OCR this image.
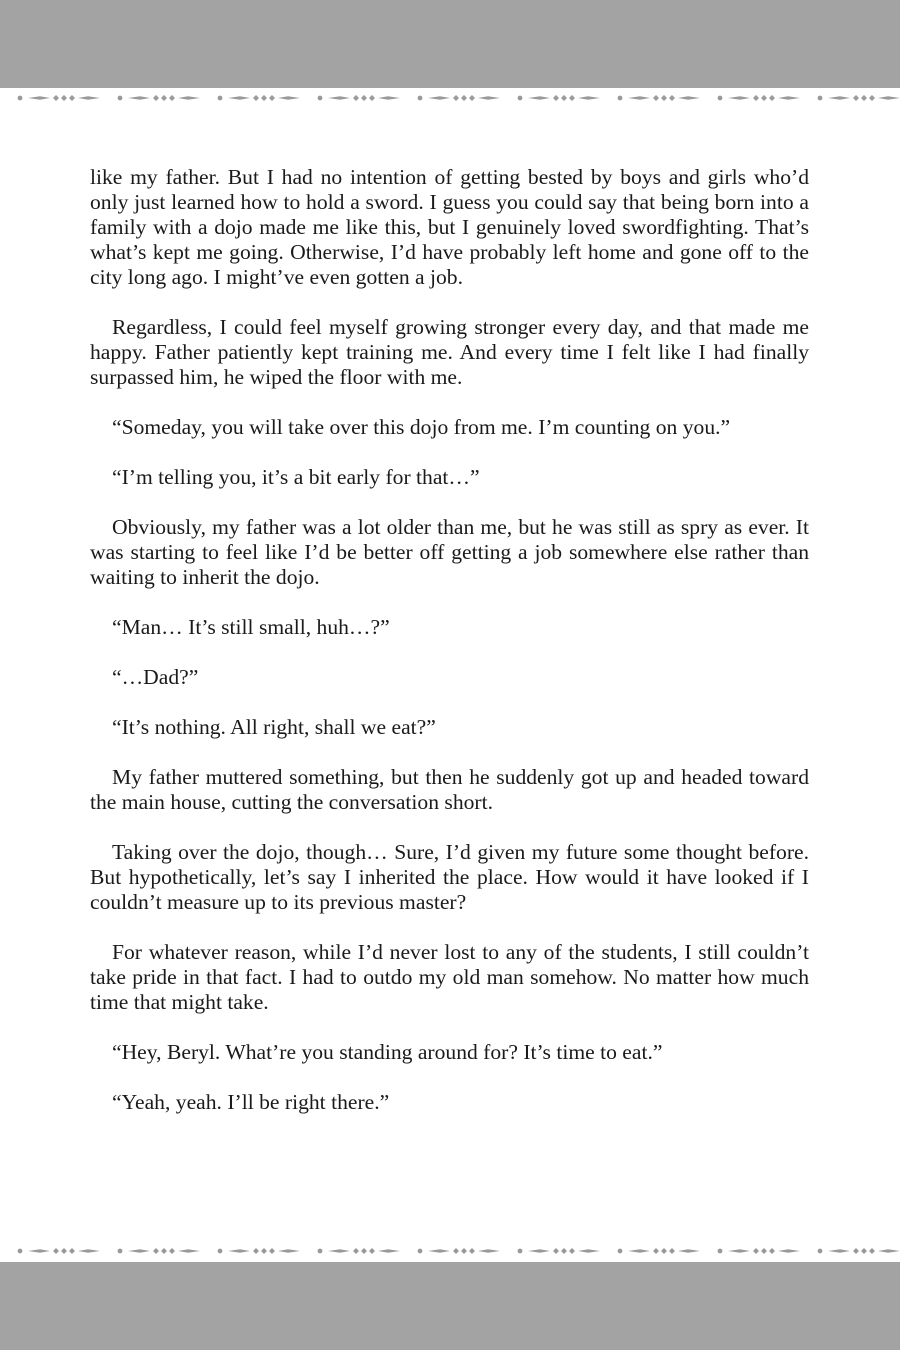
like my father. But I had no intention of getting bested by boys and girls who’d only just learned how to hold a sword. I guess you could say that being born into a family with a dojo made me like this, but I genuinely loved swordfighting. That’s what’s kept me going. Otherwise, I’d have probably left home and gone off to the city long ago. I might’ve even gotten a job.

Regardless, I could feel myself growing stronger every day, and that made me happy. Father patiently kept training me. And every time I felt like I had finally surpassed him, he wiped the floor with me.

“Someday, you will take over this dojo from me. I’m counting on you.”

“I’m telling you, it’s a bit early for that…”

Obviously, my father was a lot older than me, but he was still as spry as ever. It was starting to feel like I’d be better off getting a job somewhere else rather than waiting to inherit the dojo.

“Man… It’s still small, huh…?”

“…Dad?”

“It’s nothing. All right, shall we eat?”

My father muttered something, but then he suddenly got up and headed toward the main house, cutting the conversation short.

Taking over the dojo, though… Sure, I’d given my future some thought before. But hypothetically, let’s say I inherited the place. How would it have looked if I couldn’t measure up to its previous master?

For whatever reason, while I’d never lost to any of the students, I still couldn’t take pride in that fact. I had to outdo my old man somehow. No matter how much time that might take.

“Hey, Beryl. What’re you standing around for? It’s time to eat.”

“Yeah, yeah. I’ll be right there.”
